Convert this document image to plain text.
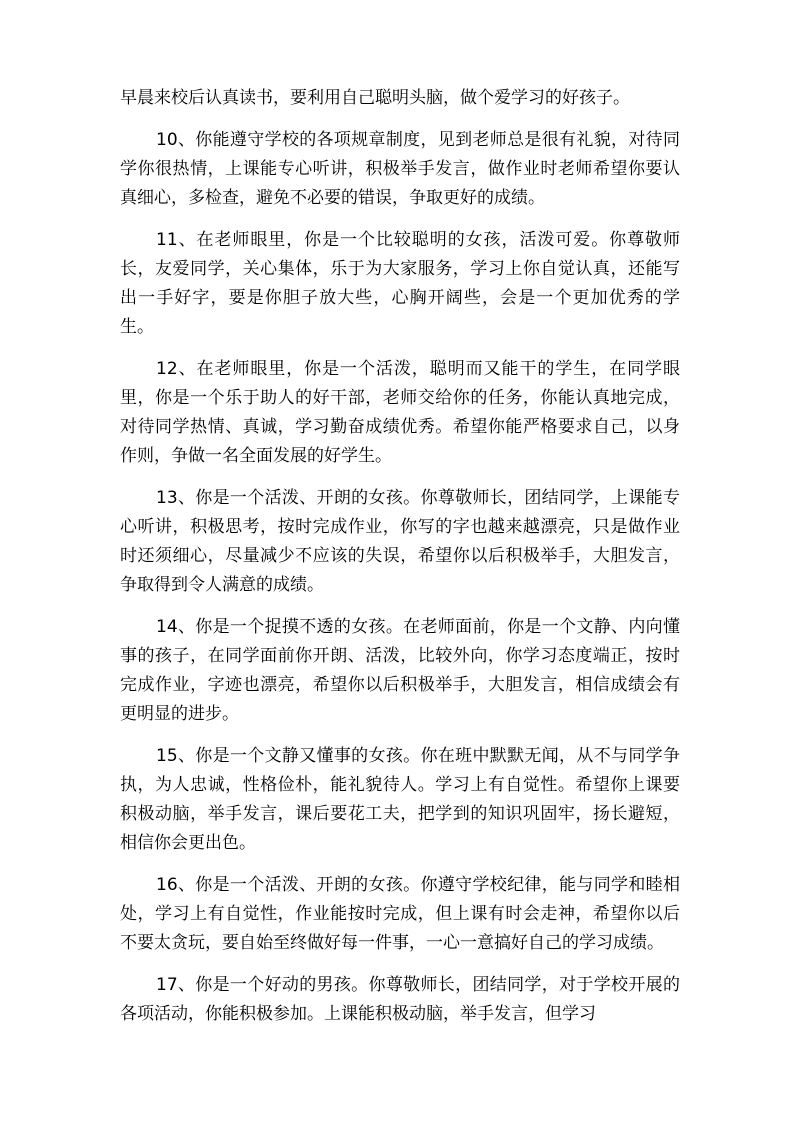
早晨来校后认真读书，要利用自己聪明头脑，做个爱学习的好孩子。

10、你能遵守学校的各项规章制度，见到老师总是很有礼貌，对待同学你很热情，上课能专心听讲，积极举手发言，做作业时老师希望你要认真细心，多检查，避免不必要的错误，争取更好的成绩。

11、在老师眼里，你是一个比较聪明的女孩，活泼可爱。你尊敬师长，友爱同学，关心集体，乐于为大家服务，学习上你自觉认真，还能写出一手好字，要是你胆子放大些，心胸开阔些，会是一个更加优秀的学生。

12、在老师眼里，你是一个活泼，聪明而又能干的学生，在同学眼里，你是一个乐于助人的好干部，老师交给你的任务，你能认真地完成，对待同学热情、真诚，学习勤奋成绩优秀。希望你能严格要求自己，以身作则，争做一名全面发展的好学生。

13、你是一个活泼、开朗的女孩。你尊敬师长，团结同学，上课能专心听讲，积极思考，按时完成作业，你写的字也越来越漂亮，只是做作业时还须细心，尽量减少不应该的失误，希望你以后积极举手，大胆发言，争取得到令人满意的成绩。

14、你是一个捉摸不透的女孩。在老师面前，你是一个文静、内向懂事的孩子，在同学面前你开朗、活泼，比较外向，你学习态度端正，按时完成作业，字迹也漂亮，希望你以后积极举手，大胆发言，相信成绩会有更明显的进步。

15、你是一个文静又懂事的女孩。你在班中默默无闻，从不与同学争执，为人忠诚，性格俭朴，能礼貌待人。学习上有自觉性。希望你上课要积极动脑，举手发言，课后要花工夫，把学到的知识巩固牢，扬长避短，相信你会更出色。

16、你是一个活泼、开朗的女孩。你遵守学校纪律，能与同学和睦相处，学习上有自觉性，作业能按时完成，但上课有时会走神，希望你以后不要太贪玩，要自始至终做好每一件事，一心一意搞好自己的学习成绩。

17、你是一个好动的男孩。你尊敬师长，团结同学，对于学校开展的各项活动，你能积极参加。上课能积极动脑，举手发言，但学习
